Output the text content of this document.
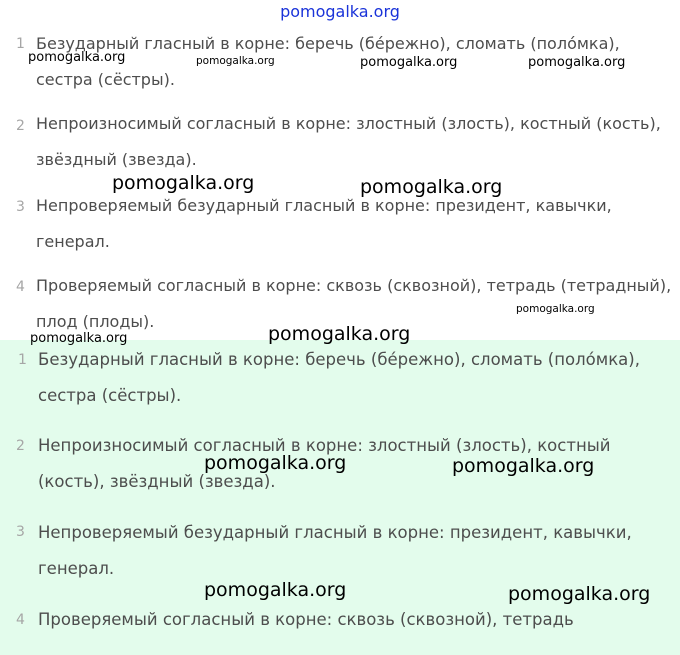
pomogalka.org
1 Безударный гласный в корне: беречь (бе́режно), сломать (поло́мка), сестра (сёстры).
2 Непроизносимый согласный в корне: злостный (злость), костный (кость), звёздный (звезда).
3 Непроверяемый безударный гласный в корне: президент, кавычки, генерал.
4 Проверяемый согласный в корне: сквозь (сквозной), тетрадь (тетрадный), плод (плоды).
1 Безударный гласный в корне: беречь (бе́режно), сломать (поло́мка), сестра (сёстры).
2 Непроизносимый согласный в корне: злостный (злость), костный (кость), звёздный (звезда).
3 Непроверяемый безударный гласный в корне: президент, кавычки, генерал.
4 Проверяемый согласный в корне: сквозь (сквозной), тетрадь
pomogalka.org	pomogalka.org	pomogalka.org	pomogalka.org
pomogalka.org	pomogalka.org
pomogalka.org
pomogalka.org	pomogalka.org
pomogalka.org	pomogalka.org
pomogalka.org	pomogalka.org
